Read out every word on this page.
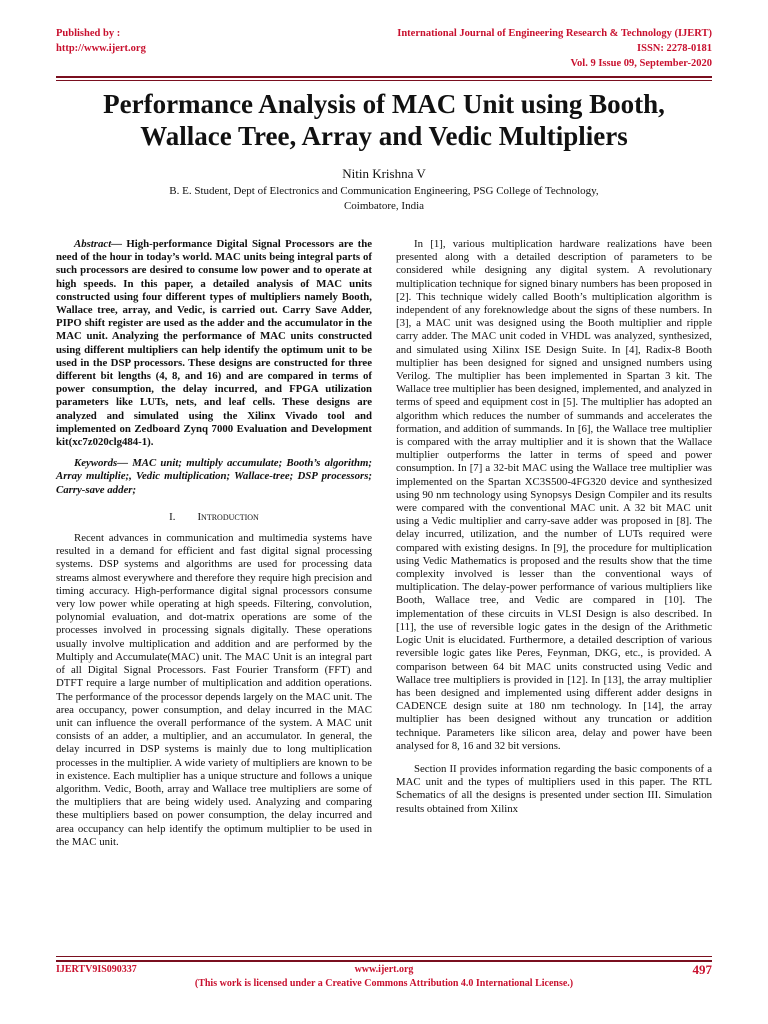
Published by :
http://www.ijert.org
International Journal of Engineering Research & Technology (IJERT)
ISSN: 2278-0181
Vol. 9 Issue 09, September-2020
Performance Analysis of MAC Unit using Booth,
Wallace Tree, Array and Vedic Multipliers
Nitin Krishna V
B. E. Student, Dept of Electronics and Communication Engineering, PSG College of Technology,
Coimbatore, India

Abstract— High-performance Digital Signal Processors are the need of the hour in today’s world. MAC units being integral parts of such processors are desired to consume low power and to operate at high speeds. In this paper, a detailed analysis of MAC units constructed using four different types of multipliers namely Booth, Wallace tree, array, and Vedic, is carried out. Carry Save Adder, PIPO shift register are used as the adder and the accumulator in the MAC unit. Analyzing the performance of MAC units constructed using different multipliers can help identify the optimum unit to be used in the DSP processors. These designs are constructed for three different bit lengths (4, 8, and 16) and are compared in terms of power consumption, the delay incurred, and FPGA utilization parameters like LUTs, nets, and leaf cells. These designs are analyzed and simulated using the Xilinx Vivado tool and implemented on Zedboard Zynq 7000 Evaluation and Development kit(xc7z020clg484-1).

Keywords— MAC unit; multiply accumulate; Booth’s algorithm; Array multiplie;, Vedic multiplication; Wallace-tree; DSP processors; Carry-save adder;

I. Introduction

Recent advances in communication and multimedia systems have resulted in a demand for efficient and fast digital signal processing systems. DSP systems and algorithms are used for processing data streams almost everywhere and therefore they require high precision and timing accuracy. High-performance digital signal processors consume very low power while operating at high speeds. Filtering, convolution, polynomial evaluation, and dot-matrix operations are some of the processes involved in processing signals digitally. These operations usually involve multiplication and addition and are performed by the Multiply and Accumulate(MAC) unit. The MAC Unit is an integral part of all Digital Signal Processors. Fast Fourier Transform (FFT) and DTFT require a large number of multiplication and addition operations. The performance of the processor depends largely on the MAC unit. The area occupancy, power consumption, and delay incurred in the MAC unit can influence the overall performance of the system. A MAC unit consists of an adder, a multiplier, and an accumulator. In general, the delay incurred in DSP systems is mainly due to long multiplication processes in the multiplier. A wide variety of multipliers are known to be in existence. Each multiplier has a unique structure and follows a unique algorithm. Vedic, Booth, array and Wallace tree multipliers are some of the multipliers that are being widely used. Analyzing and comparing these multipliers based on power consumption, the delay incurred and area occupancy can help identify the optimum multiplier to be used in the MAC unit.

In [1], various multiplication hardware realizations have been presented along with a detailed description of parameters to be considered while designing any digital system. A revolutionary multiplication technique for signed binary numbers has been proposed in [2]. This technique widely called Booth’s multiplication algorithm is independent of any foreknowledge about the signs of these numbers. In [3], a MAC unit was designed using the Booth multiplier and ripple carry adder. The MAC unit coded in VHDL was analyzed, synthesized, and simulated using Xilinx ISE Design Suite. In [4], Radix-8 Booth multiplier has been designed for signed and unsigned numbers using Verilog. The multiplier has been implemented in Spartan 3 kit. The Wallace tree multiplier has been designed, implemented, and analyzed in terms of speed and equipment cost in [5]. The multiplier has adopted an algorithm which reduces the number of summands and accelerates the formation, and addition of summands. In [6], the Wallace tree multiplier is compared with the array multiplier and it is shown that the Wallace multiplier outperforms the latter in terms of speed and power consumption. In [7] a 32-bit MAC using the Wallace tree multiplier was implemented on the Spartan XC3S500-4FG320 device and synthesized using 90 nm technology using Synopsys Design Compiler and its results were compared with the conventional MAC unit. A 32 bit MAC unit using a Vedic multiplier and carry-save adder was proposed in [8]. The delay incurred, utilization, and the number of LUTs required were compared with existing designs. In [9], the procedure for multiplication using Vedic Mathematics is proposed and the results show that the time complexity involved is lesser than the conventional ways of multiplication. The delay-power performance of various multipliers like Booth, Wallace tree, and Vedic are compared in [10]. The implementation of these circuits in VLSI Design is also described. In [11], the use of reversible logic gates in the design of the Arithmetic Logic Unit is elucidated. Furthermore, a detailed description of various reversible logic gates like Peres, Feynman, DKG, etc., is provided. A comparison between 64 bit MAC units constructed using Vedic and Wallace tree multipliers is provided in [12]. In [13], the array multiplier has been designed and implemented using different adder designs in CADENCE design suite at 180 nm technology. In [14], the array multiplier has been designed without any truncation or addition technique. Parameters like silicon area, delay and power have been analysed for 8, 16 and 32 bit versions.

Section II provides information regarding the basic components of a MAC unit and the types of multipliers used in this paper. The RTL Schematics of all the designs is presented under section III. Simulation results obtained from Xilinx

IJERTV9IS090337	www.ijert.org	497
(This work is licensed under a Creative Commons Attribution 4.0 International License.)
